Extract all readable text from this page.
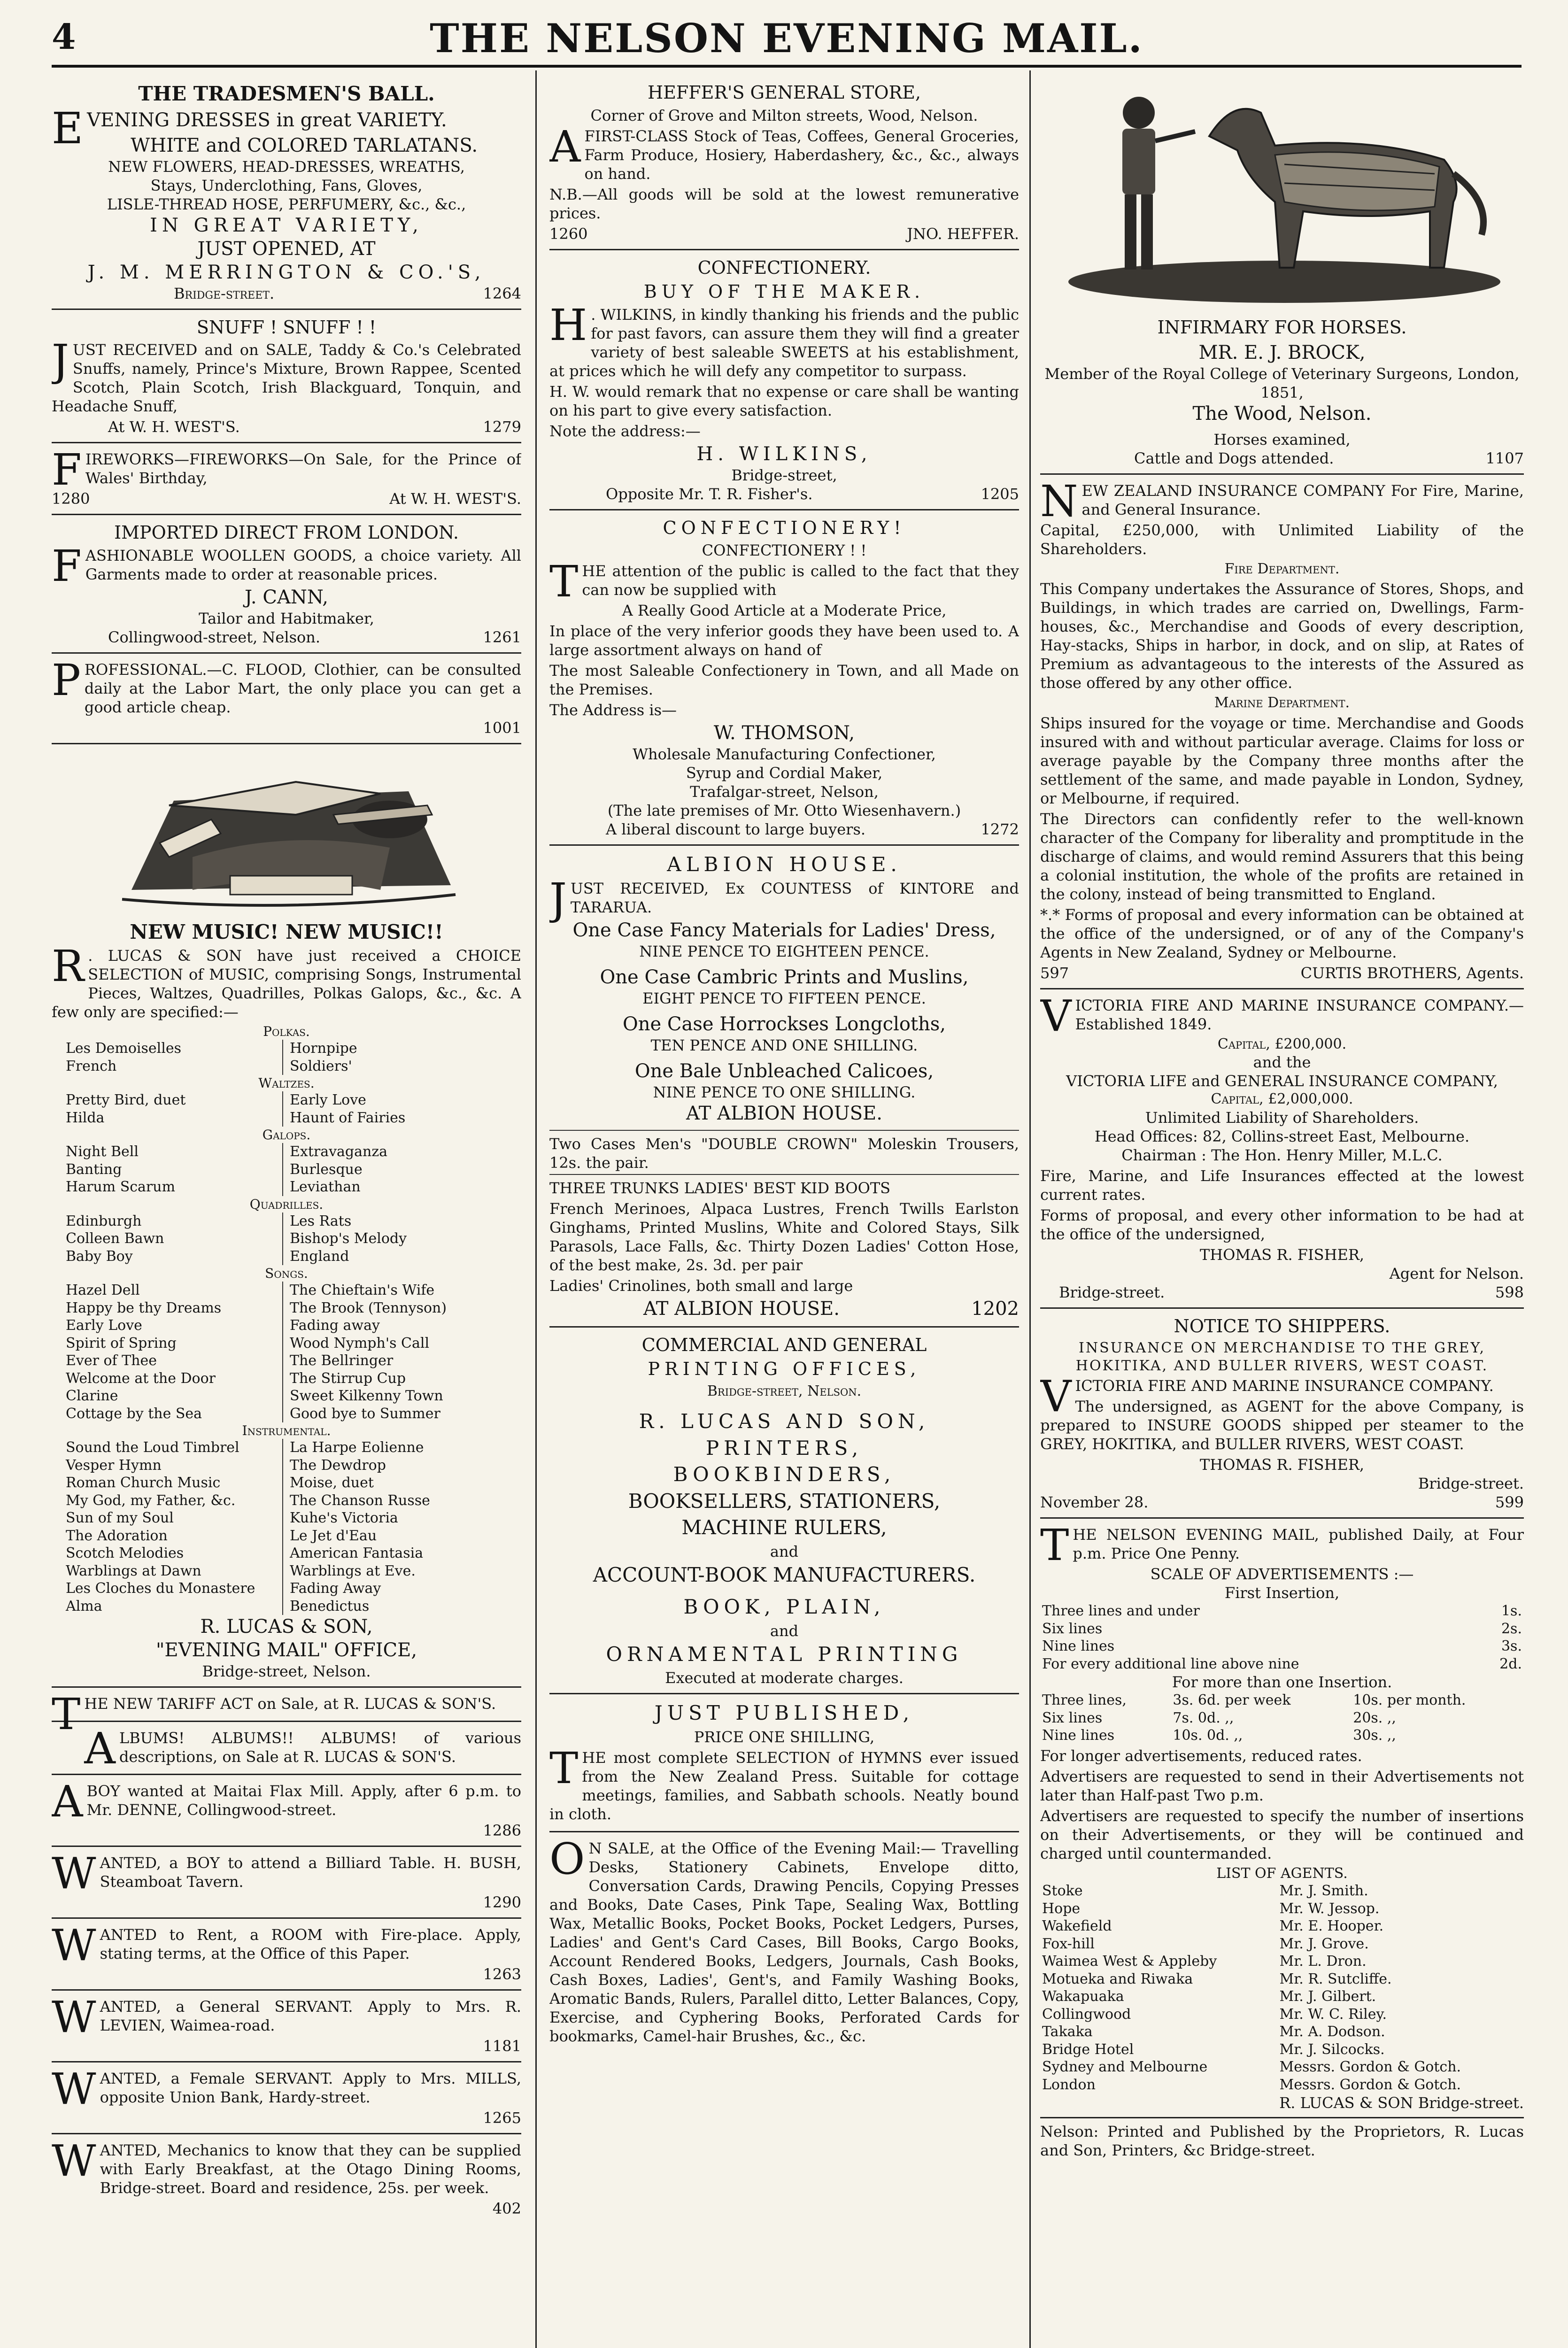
4	THE NELSON EVENING MAIL.
THE TRADESMEN'S BALL.

EVENING DRESSES in great VARIETY.

WHITE and COLORED TARLATANS.
NEW FLOWERS, HEAD-DRESSES, WREATHS,
Stays, Underclothing, Fans, Gloves,
LISLE-THREAD HOSE, PERFUMERY, &c., &c.,
IN GREAT VARIETY,
JUST OPENED, AT
J. M. MERRINGTON & CO.'S,
Bridge-street.	1264
SNUFF ! SNUFF ! !

JUST RECEIVED and on SALE, Taddy & Co.'s Celebrated Snuffs, namely, Prince's Mixture, Brown Rappee, Scented Scotch, Plain Scotch, Irish Blackguard, Tonquin, and Headache Snuff,

At W. H. WEST'S.	1279

FIREWORKS—FIREWORKS—On Sale, for the Prince of Wales' Birthday,

1280	At W. H. WEST'S.
IMPORTED DIRECT FROM LONDON.

FASHIONABLE WOOLLEN GOODS, a choice variety. All Garments made to order at reasonable prices.

J. CANN,
Tailor and Habitmaker,
Collingwood-street, Nelson.	1261

PROFESSIONAL.—C. FLOOD, Clothier, can be consulted daily at the Labor Mart, the only place you can get a good article cheap.

1001
NEW MUSIC! NEW MUSIC!!

R . LUCAS & SON have just received a CHOICE SELECTION of MUSIC, comprising Songs, Instrumental Pieces, Waltzes, Quadrilles, Polkas Galops, &c., &c. A few only are specified:—

Polkas.
Les Demoiselles	Hornpipe
French	Soldiers'
Waltzes.
Pretty Bird, duet	Early Love
Hilda	Haunt of Fairies
Galops.
Night Bell	Extravaganza
Banting	Burlesque
Harum Scarum	Leviathan
Quadrilles.
Edinburgh	Les Rats
Colleen Bawn	Bishop's Melody
Baby Boy	England
Songs.
Hazel Dell	The Chieftain's Wife
Happy be thy Dreams	The Brook (Tennyson)
Early Love	Fading away
Spirit of Spring	Wood Nymph's Call
Ever of Thee	The Bellringer
Welcome at the Door	The Stirrup Cup
Clarine	Sweet Kilkenny Town
Cottage by the Sea	Good bye to Summer
Instrumental.
Sound the Loud Timbrel	La Harpe Eolienne
Vesper Hymn	The Dewdrop
Roman Church Music	Moise, duet
My God, my Father, &c.	The Chanson Russe
Sun of my Soul	Kuhe's Victoria
The Adoration	Le Jet d'Eau
Scotch Melodies	American Fantasia
Warblings at Dawn	Warblings at Eve.
Les Cloches du Monastere	Fading Away
Alma	Benedictus
R. LUCAS & SON,
"EVENING MAIL" OFFICE,
Bridge-street, Nelson.

THE NEW TARIFF ACT on Sale, at R. LUCAS & SON'S.

ALBUMS! ALBUMS!! ALBUMS! of various descriptions, on Sale at R. LUCAS & SON'S.

ABOY wanted at Maitai Flax Mill. Apply, after 6 p.m. to Mr. DENNE, Collingwood-street.

1286

WANTED, a BOY to attend a Billiard Table. H. BUSH, Steamboat Tavern.

1290

WANTED to Rent, a ROOM with Fire-place. Apply, stating terms, at the Office of this Paper.

1263

WANTED, a General SERVANT. Apply to Mrs. R. LEVIEN, Waimea-road.

1181

WANTED, a Female SERVANT. Apply to Mrs. MILLS, opposite Union Bank, Hardy-street.

1265

WANTED, Mechanics to know that they can be supplied with Early Breakfast, at the Otago Dining Rooms, Bridge-street. Board and residence, 25s. per week.

402
HEFFER'S GENERAL STORE,
Corner of Grove and Milton streets, Wood, Nelson.

AFIRST-CLASS Stock of Teas, Coffees, General Groceries, Farm Produce, Hosiery, Haberdashery, &c., &c., always on hand.

N.B.—All goods will be sold at the lowest remunerative prices.

1260	JNO. HEFFER.
CONFECTIONERY.
BUY OF THE MAKER.

H . WILKINS, in kindly thanking his friends and the public for past favors, can assure them they will find a greater variety of best saleable SWEETS at his establishment, at prices which he will defy any competitor to surpass.

H. W. would remark that no expense or care shall be wanting on his part to give every satisfaction.

Note the address:—

H. WILKINS,
Bridge-street,
Opposite Mr. T. R. Fisher's.	1205
CONFECTIONERY!
CONFECTIONERY ! !

THE attention of the public is called to the fact that they can now be supplied with

A Really Good Article at a Moderate Price,

In place of the very inferior goods they have been used to. A large assortment always on hand of

The most Saleable Confectionery in Town, and all Made on the Premises.

The Address is—

W. THOMSON,
Wholesale Manufacturing Confectioner,
Syrup and Cordial Maker,
Trafalgar-street, Nelson,
(The late premises of Mr. Otto Wiesenhavern.)
A liberal discount to large buyers.	1272
ALBION HOUSE.

JUST RECEIVED, Ex COUNTESS of KINTORE and TARARUA.

One Case Fancy Materials for Ladies' Dress,
NINE PENCE TO EIGHTEEN PENCE.
One Case Cambric Prints and Muslins,
EIGHT PENCE TO FIFTEEN PENCE.
One Case Horrockses Longcloths,
TEN PENCE AND ONE SHILLING.
One Bale Unbleached Calicoes,
NINE PENCE TO ONE SHILLING.
AT ALBION HOUSE.

Two Cases Men's "DOUBLE CROWN" Moleskin Trousers, 12s. the pair.

THREE TRUNKS LADIES' BEST KID BOOTS

French Merinoes, Alpaca Lustres, French Twills Earlston Ginghams, Printed Muslins, White and Colored Stays, Silk Parasols, Lace Falls, &c. Thirty Dozen Ladies' Cotton Hose, of the best make, 2s. 3d. per pair

Ladies' Crinolines, both small and large

AT ALBION HOUSE.	1202
COMMERCIAL AND GENERAL
PRINTING OFFICES,
Bridge-street, Nelson.
R. LUCAS AND SON,
PRINTERS,
BOOKBINDERS,
BOOKSELLERS, STATIONERS,
MACHINE RULERS,
and
ACCOUNT-BOOK MANUFACTURERS.
BOOK, PLAIN,
and
ORNAMENTAL PRINTING
Executed at moderate charges.
JUST PUBLISHED,
PRICE ONE SHILLING,

THE most complete SELECTION of HYMNS ever issued from the New Zealand Press. Suitable for cottage meetings, families, and Sabbath schools. Neatly bound in cloth.

O N SALE, at the Office of the Evening Mail:— Travelling Desks, Stationery Cabinets, Envelope ditto, Conversation Cards, Drawing Pencils, Copying Presses and Books, Date Cases, Pink Tape, Sealing Wax, Bottling Wax, Metallic Books, Pocket Books, Pocket Ledgers, Purses, Ladies' and Gent's Card Cases, Bill Books, Cargo Books, Account Rendered Books, Ledgers, Journals, Cash Books, Cash Boxes, Ladies', Gent's, and Family Washing Books, Aromatic Bands, Rulers, Parallel ditto, Letter Balances, Copy, Exercise, and Cyphering Books, Perforated Cards for bookmarks, Camel-hair Brushes, &c., &c.

INFIRMARY FOR HORSES.
MR. E. J. BROCK,
Member of the Royal College of Veterinary Surgeons, London, 1851,
The Wood, Nelson.
Horses examined,
Cattle and Dogs attended.	1107

NEW ZEALAND INSURANCE COMPANY For Fire, Marine, and General Insurance.

Capital, £250,000, with Unlimited Liability of the Shareholders.

Fire Department.

This Company undertakes the Assurance of Stores, Shops, and Buildings, in which trades are carried on, Dwellings, Farm-houses, &c., Merchandise and Goods of every description, Hay-stacks, Ships in harbor, in dock, and on slip, at Rates of Premium as advantageous to the interests of the Assured as those offered by any other office.

Marine Department.

Ships insured for the voyage or time. Merchandise and Goods insured with and without particular average. Claims for loss or average payable by the Company three months after the settlement of the same, and made payable in London, Sydney, or Melbourne, if required.

The Directors can confidently refer to the well-known character of the Company for liberality and promptitude in the discharge of claims, and would remind Assurers that this being a colonial institution, the whole of the profits are retained in the colony, instead of being transmitted to England.

*.* Forms of proposal and every information can be obtained at the office of the undersigned, or of any of the Company's Agents in New Zealand, Sydney or Melbourne.

597	CURTIS BROTHERS, Agents.

VICTORIA FIRE AND MARINE INSURANCE COMPANY.—Established 1849.

Capital, £200,000.
and the
VICTORIA LIFE and GENERAL INSURANCE COMPANY,
Capital, £2,000,000.
Unlimited Liability of Shareholders.
Head Offices: 82, Collins-street East, Melbourne.
Chairman : The Hon. Henry Miller, M.L.C.

Fire, Marine, and Life Insurances effected at the lowest current rates.

Forms of proposal, and every other information to be had at the office of the undersigned,

THOMAS R. FISHER,
Agent for Nelson.
Bridge-street.	598
NOTICE TO SHIPPERS.
INSURANCE ON MERCHANDISE TO THE GREY, HOKITIKA, AND BULLER RIVERS, WEST COAST.

VICTORIA FIRE AND MARINE INSURANCE COMPANY.

The undersigned, as AGENT for the above Company, is prepared to INSURE GOODS shipped per steamer to the GREY, HOKITIKA, and BULLER RIVERS, WEST COAST.

THOMAS R. FISHER,
Bridge-street.
November 28.	599

THE NELSON EVENING MAIL, published Daily, at Four p.m. Price One Penny.

SCALE OF ADVERTISEMENTS :—
First Insertion,
Three lines and under	1s.
Six lines	2s.
Nine lines	3s.
For every additional line above nine	2d.
For more than one Insertion.
Three lines,	3s. 6d. per week	10s. per month.
Six lines	7s. 0d. ,,	20s. ,,
Nine lines	10s. 0d. ,,	30s. ,,

For longer advertisements, reduced rates.

Advertisers are requested to send in their Advertisements not later than Half-past Two p.m.

Advertisers are requested to specify the number of insertions on their Advertisements, or they will be continued and charged until countermanded.

LIST OF AGENTS.
Stoke	Mr. J. Smith.
Hope	Mr. W. Jessop.
Wakefield	Mr. E. Hooper.
Fox-hill	Mr. J. Grove.
Waimea West & Appleby	Mr. L. Dron.
Motueka and Riwaka	Mr. R. Sutcliffe.
Wakapuaka	Mr. J. Gilbert.
Collingwood	Mr. W. C. Riley.
Takaka	Mr. A. Dodson.
Bridge Hotel	Mr. J. Silcocks.
Sydney and Melbourne	Messrs. Gordon & Gotch.
London	Messrs. Gordon & Gotch.
R. LUCAS & SON Bridge-street.

Nelson: Printed and Published by the Proprietors, R. Lucas and Son, Printers, &c Bridge-street.
